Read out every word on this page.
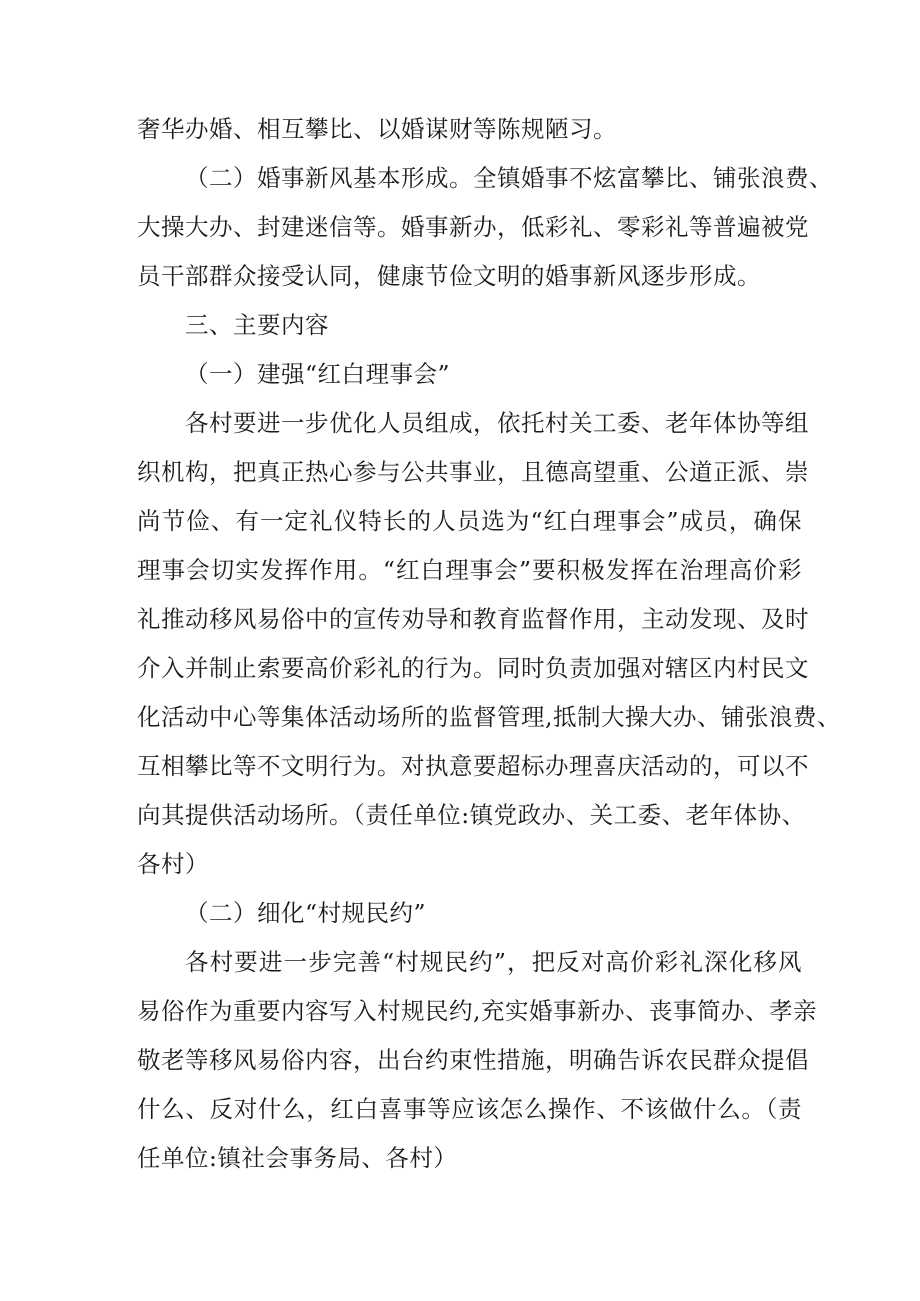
奢华办婚、相互攀比、以婚谋财等陈规陋习。
（二）婚事新风基本形成。全镇婚事不炫富攀比、铺张浪费、
大操大办、封建迷信等。婚事新办，低彩礼、零彩礼等普遍被党
员干部群众接受认同，健康节俭文明的婚事新风逐步形成。
三、主要内容
（一）建强“红白理事会”
各村要进一步优化人员组成，依托村关工委、老年体协等组
织机构，把真正热心参与公共事业，且德高望重、公道正派、崇
尚节俭、有一定礼仪特长的人员选为“红白理事会”成员，确保
理事会切实发挥作用。“红白理事会”要积极发挥在治理高价彩
礼推动移风易俗中的宣传劝导和教育监督作用，主动发现、及时
介入并制止索要高价彩礼的行为。同时负责加强对辖区内村民文
化活动中心等集体活动场所的监督管理,抵制大操大办、铺张浪费、
互相攀比等不文明行为。对执意要超标办理喜庆活动的，可以不
向其提供活动场所。（责任单位:镇党政办、关工委、老年体协、
各村）
（二）细化“村规民约”
各村要进一步完善“村规民约”，把反对高价彩礼深化移风
易俗作为重要内容写入村规民约,充实婚事新办、丧事简办、孝亲
敬老等移风易俗内容，出台约束性措施，明确告诉农民群众提倡
什么、反对什么，红白喜事等应该怎么操作、不该做什么。（责
任单位:镇社会事务局、各村）
